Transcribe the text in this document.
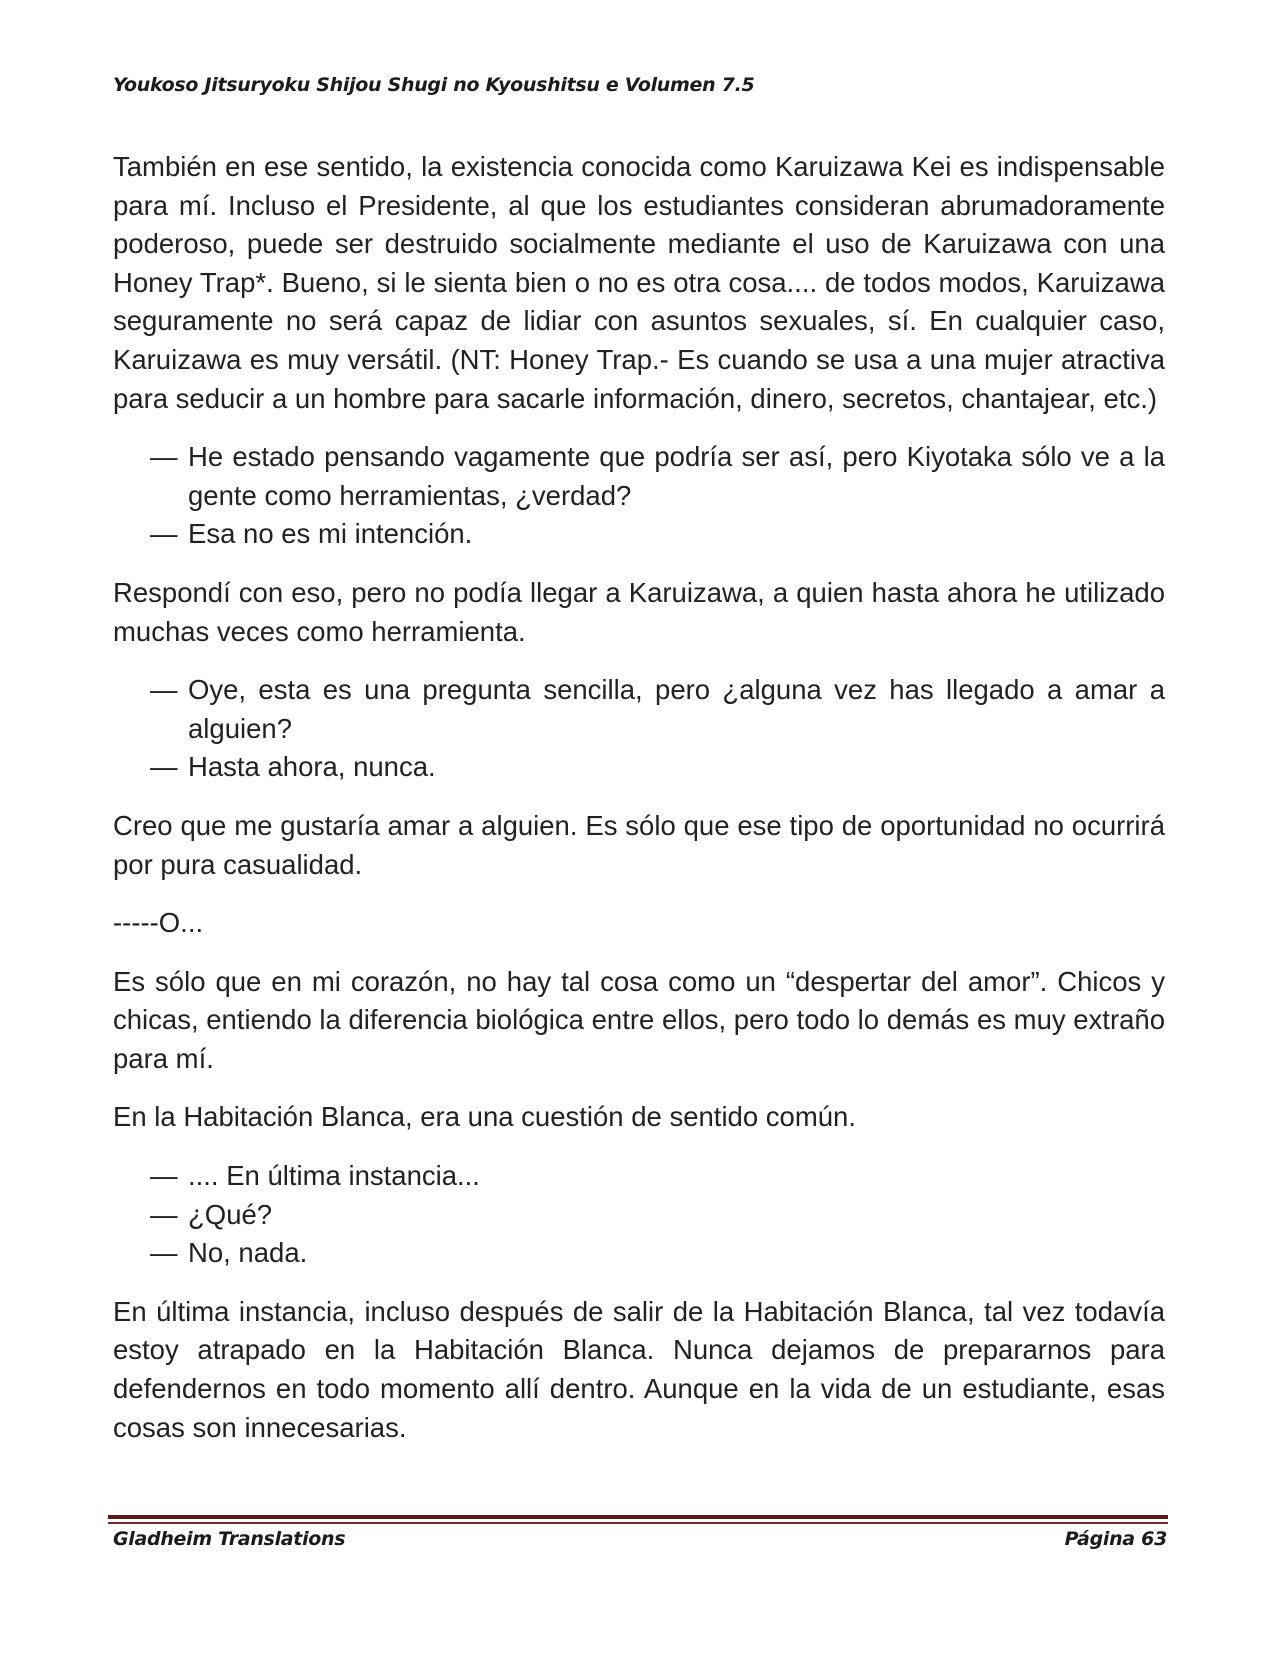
Youkoso Jitsuryoku Shijou Shugi no Kyoushitsu e Volumen 7.5

También en ese sentido, la existencia conocida como Karuizawa Kei es indispensable para mí. Incluso el Presidente, al que los estudiantes consideran abrumadoramente poderoso, puede ser destruido socialmente mediante el uso de Karuizawa con una Honey Trap*. Bueno, si le sienta bien o no es otra cosa.... de todos modos, Karuizawa seguramente no será capaz de lidiar con asuntos sexuales, sí. En cualquier caso, Karuizawa es muy versátil. (NT: Honey Trap.- Es cuando se usa a una mujer atractiva para seducir a un hombre para sacarle información, dinero, secretos, chantajear, etc.)

— He estado pensando vagamente que podría ser así, pero Kiyotaka sólo ve a la gente como herramientas, ¿verdad?
— Esa no es mi intención.

Respondí con eso, pero no podía llegar a Karuizawa, a quien hasta ahora he utilizado muchas veces como herramienta.

— Oye, esta es una pregunta sencilla, pero ¿alguna vez has llegado a amar a alguien?
— Hasta ahora, nunca.

Creo que me gustaría amar a alguien. Es sólo que ese tipo de oportunidad no ocurrirá por pura casualidad.

-----O...

Es sólo que en mi corazón, no hay tal cosa como un “despertar del amor”. Chicos y chicas, entiendo la diferencia biológica entre ellos, pero todo lo demás es muy extraño para mí.

En la Habitación Blanca, era una cuestión de sentido común.

— .... En última instancia...
— ¿Qué?
— No, nada.

En última instancia, incluso después de salir de la Habitación Blanca, tal vez todavía estoy atrapado en la Habitación Blanca. Nunca dejamos de prepararnos para defendernos en todo momento allí dentro. Aunque en la vida de un estudiante, esas cosas son innecesarias.

Gladheim Translations	Página 63
